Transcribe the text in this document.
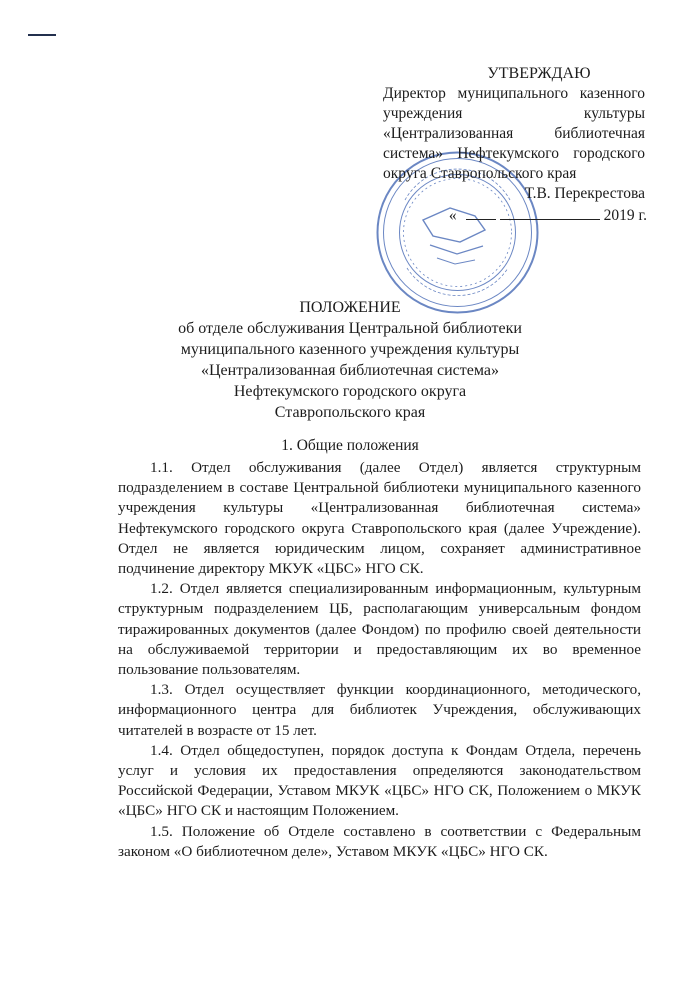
УТВЕРЖДАЮ
Директор муниципального казенного учреждения культуры «Централизованная библиотечная система» Нефтекумского городского округа Ставропольского края
Т.В. Перекрестова
«	2019 г.
ПОЛОЖЕНИЕ
об отделе обслуживания Центральной библиотеки
муниципального казенного учреждения культуры
«Централизованная библиотечная система»
Нефтекумского городского округа
Ставропольского края
1. Общие положения

1.1. Отдел обслуживания (далее Отдел) является структурным подразделением в составе Центральной библиотеки муниципального казенного учреждения культуры «Централизованная библиотечная система» Нефтекумского городского округа Ставропольского края (далее Учреждение). Отдел не является юридическим лицом, сохраняет административное подчинение директору МКУК «ЦБС» НГО СК.

1.2. Отдел является специализированным информационным, культурным структурным подразделением ЦБ, располагающим универсальным фондом тиражированных документов (далее Фондом) по профилю своей деятельности на обслуживаемой территории и предоставляющим их во временное пользование пользователям.

1.3. Отдел осуществляет функции координационного, методического, информационного центра для библиотек Учреждения, обслуживающих читателей в возрасте от 15 лет.

1.4. Отдел общедоступен, порядок доступа к Фондам Отдела, перечень услуг и условия их предоставления определяются законодательством Российской Федерации, Уставом МКУК «ЦБС» НГО СК, Положением о МКУК «ЦБС» НГО СК и настоящим Положением.

1.5. Положение об Отделе составлено в соответствии с Федеральным законом «О библиотечном деле», Уставом МКУК «ЦБС» НГО СК.
